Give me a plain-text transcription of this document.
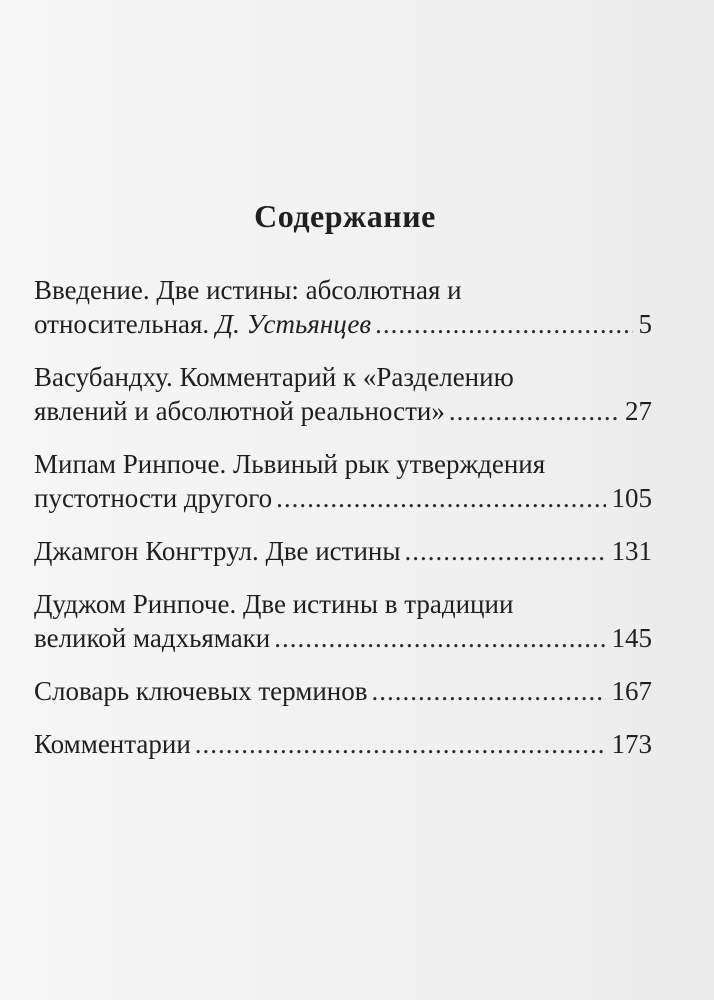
Содержание
Введение. Две истины: абсолютная и
относительная. Д. Устьянцев .....	5
Васубандху. Комментарий к «Разделению
явлений и абсолютной реальности» .....	27
Мипам Ринпоче. Львиный рык утверждения
пустотности другого .....	105
Джамгон Конгтрул. Две истины .....	131
Дуджом Ринпоче. Две истины в традиции
великой мадхьямаки .....	145
Словарь ключевых терминов .....	167
Комментарии .....	173
